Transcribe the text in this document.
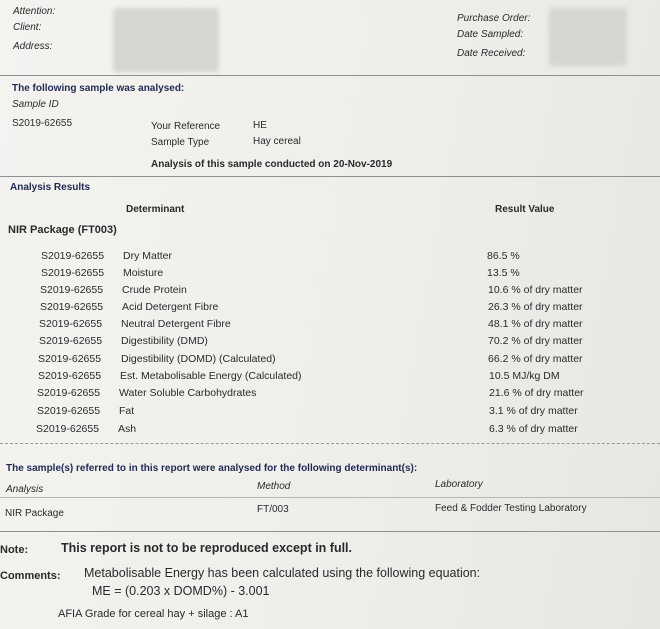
Attention:
Client:
Address:
Purchase Order:
Date Sampled:
Date Received:
The following sample was analysed:
Sample ID
S2019-62655	Your Reference	HE
Sample Type	Hay cereal
Analysis of this sample conducted on 20-Nov-2019
Analysis Results
Determinant	Result Value
NIR Package (FT003)
S2019-62655 Dry Matter	86.5 %
S2019-62655 Moisture	13.5 %
S2019-62655 Crude Protein	10.6 % of dry matter
S2019-62655 Acid Detergent Fibre	26.3 % of dry matter
S2019-62655 Neutral Detergent Fibre	48.1 % of dry matter
S2019-62655 Digestibility (DMD)	70.2 % of dry matter
S2019-62655 Digestibility (DOMD) (Calculated)	66.2 % of dry matter
S2019-62655 Est. Metabolisable Energy (Calculated)	10.5 MJ/kg DM
S2019-62655 Water Soluble Carbohydrates	21.6 % of dry matter
S2019-62655 Fat	3.1 % of dry matter
S2019-62655 Ash	6.3 % of dry matter
The sample(s) referred to in this report were analysed for the following determinant(s):
Analysis	Method	Laboratory
NIR Package	FT/003	Feed & Fodder Testing Laboratory
Note:	This report is not to be reproduced except in full.
Comments: Metabolisable Energy has been calculated using the following equation:
ME = (0.203 x DOMD%) - 3.001
AFIA Grade for cereal hay + silage : A1
